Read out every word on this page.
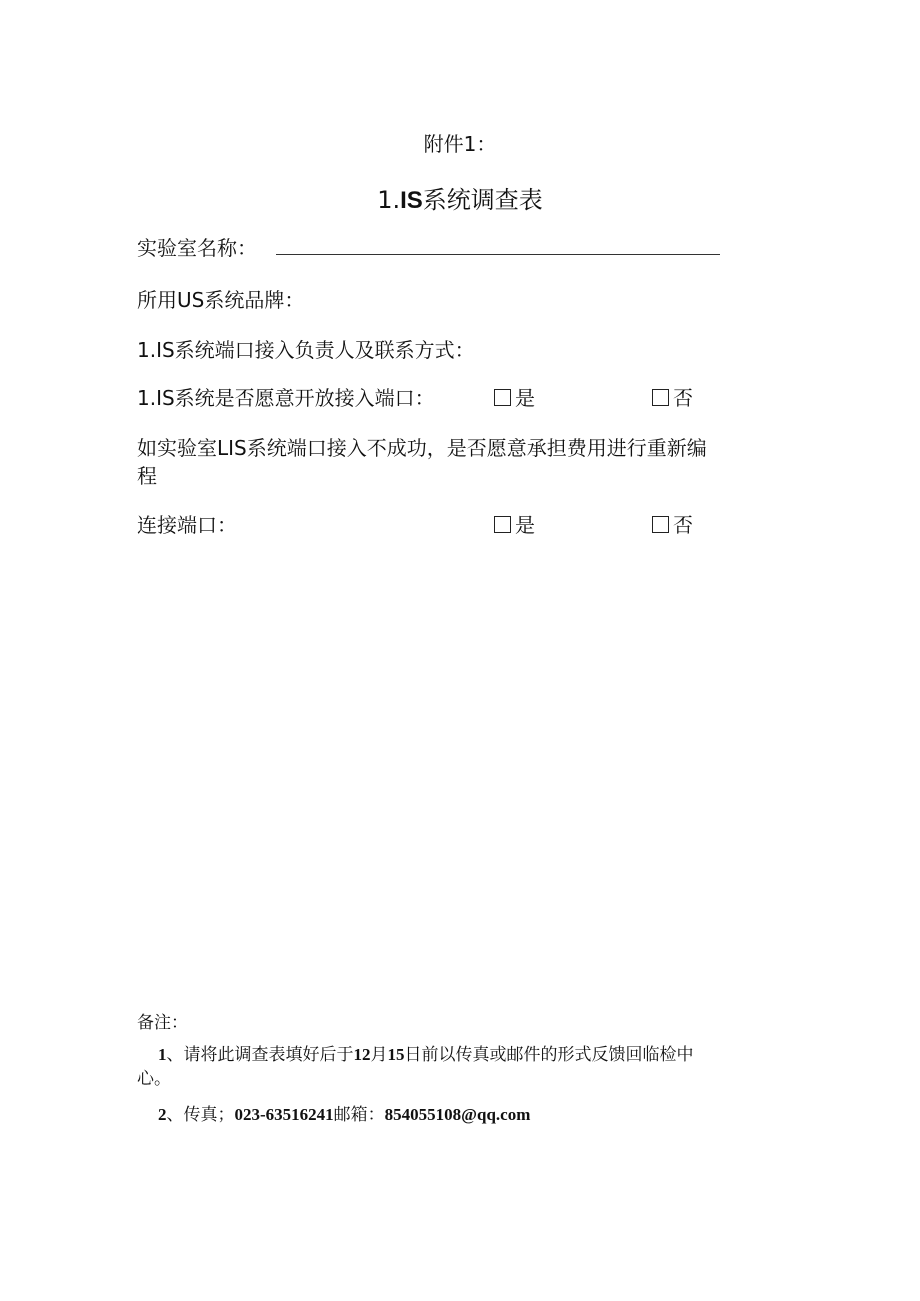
附件1：
1.IS系统调查表
实验室名称：
所用US系统品牌：
1.IS系统端口接入负责人及联系方式：
1.IS系统是否愿意开放接入端口：	是	否
如实验室LIS系统端口接入不成功，是否愿意承担费用进行重新编
程
连接端口：	是	否
备注：
1、请将此调查表填好后于12月15日前以传真或邮件的形式反馈回临检中
心。
2、传真；023-63516241邮箱：854055108@qq.com
